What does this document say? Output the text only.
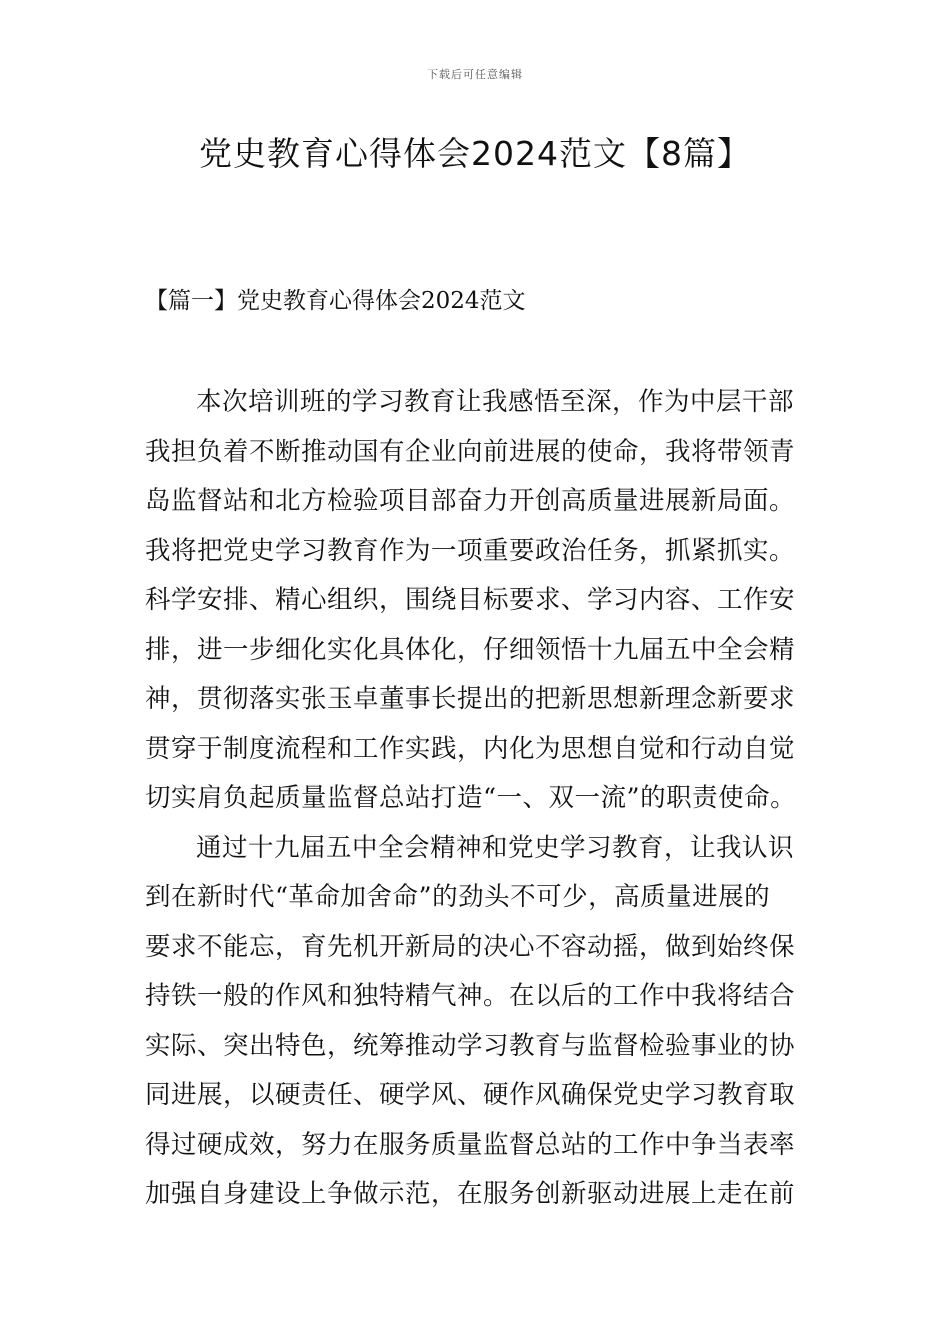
下载后可任意编辑
党史教育心得体会2024范文【8篇】
【篇一】党史教育心得体会2024范文

本次培训班的学习教育让我感悟至深，作为中层干部
我担负着不断推动国有企业向前进展的使命，我将带领青
岛监督站和北方检验项目部奋力开创高质量进展新局面。
我将把党史学习教育作为一项重要政治任务，抓紧抓实。
科学安排、精心组织，围绕目标要求、学习内容、工作安
排，进一步细化实化具体化，仔细领悟十九届五中全会精
神，贯彻落实张玉卓董事长提出的把新思想新理念新要求
贯穿于制度流程和工作实践，内化为思想自觉和行动自觉
切实肩负起质量监督总站打造“一、双一流”的职责使命。

通过十九届五中全会精神和党史学习教育，让我认识
到在新时代“革命加舍命”的劲头不可少，高质量进展的
要求不能忘，育先机开新局的决心不容动摇，做到始终保
持铁一般的作风和独特精气神。在以后的工作中我将结合
实际、突出特色，统筹推动学习教育与监督检验事业的协
同进展，以硬责任、硬学风、硬作风确保党史学习教育取
得过硬成效，努力在服务质量监督总站的工作中争当表率
加强自身建设上争做示范，在服务创新驱动进展上走在前
